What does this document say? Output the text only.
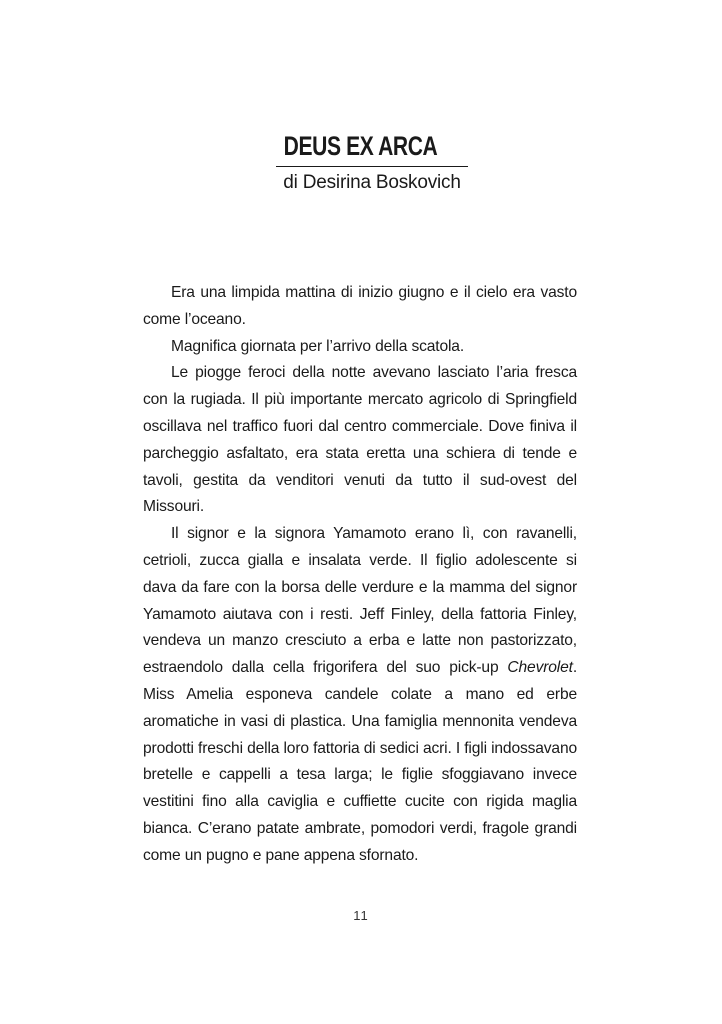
DEUS EX ARCA
di Desirina Boskovich

Era una limpida mattina di inizio giugno e il cielo era vasto come l’oceano.

Magnifica giornata per l’arrivo della scatola.

Le piogge feroci della notte avevano lasciato l’aria fresca con la rugiada. Il più importante mercato agricolo di Springfield oscillava nel traffico fuori dal centro commerciale. Dove finiva il parcheggio asfaltato, era stata eretta una schiera di tende e tavoli, gestita da venditori venuti da tutto il sud-ovest del Missouri.

Il signor e la signora Yamamoto erano lì, con ravanelli, cetrioli, zucca gialla e insalata verde. Il figlio adolescente si dava da fare con la borsa delle verdure e la mamma del signor Yamamoto aiutava con i resti. Jeff Finley, della fattoria Finley, vendeva un manzo cresciuto a erba e latte non pastorizzato, estraendolo dalla cella frigorifera del suo pick-up Chevrolet. Miss Amelia esponeva candele colate a mano ed erbe aromatiche in vasi di plastica. Una famiglia mennonita vendeva prodotti freschi della loro fattoria di sedici acri. I figli indossavano bretelle e cappelli a tesa larga; le figlie sfoggiavano invece vestitini fino alla caviglia e cuffiette cucite con rigida maglia bianca. C’erano patate ambrate, pomodori verdi, fragole grandi come un pugno e pane appena sfornato.

11
